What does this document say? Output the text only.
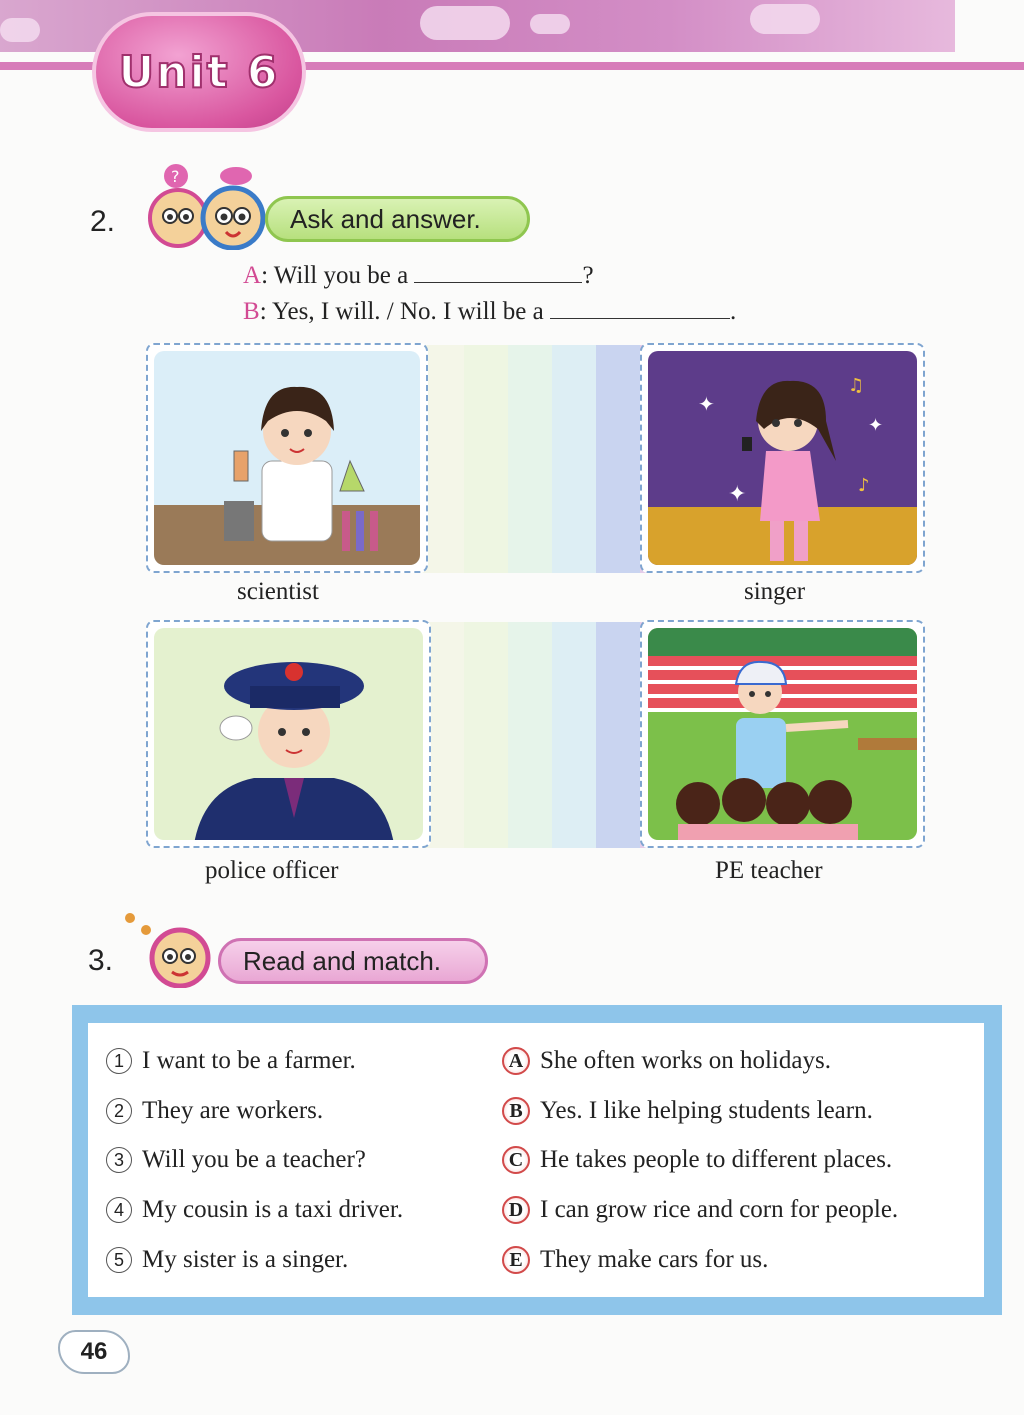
Unit 6
2.
?
Ask and answer.
A: Will you be a	?
B: Yes, I will. / No. I will be a	.
scientist
✦
✦
✦
♫
♪
singer
police officer	PE teacher
3.	Read and match.
1 I want to be a farmer.
2 They are workers.
3 Will you be a teacher?
4 My cousin is a taxi driver.
5 My sister is a singer.
A She often works on holidays.
B Yes. I like helping students learn.
C He takes people to different places.
D I can grow rice and corn for people.
E They make cars for us.
46
